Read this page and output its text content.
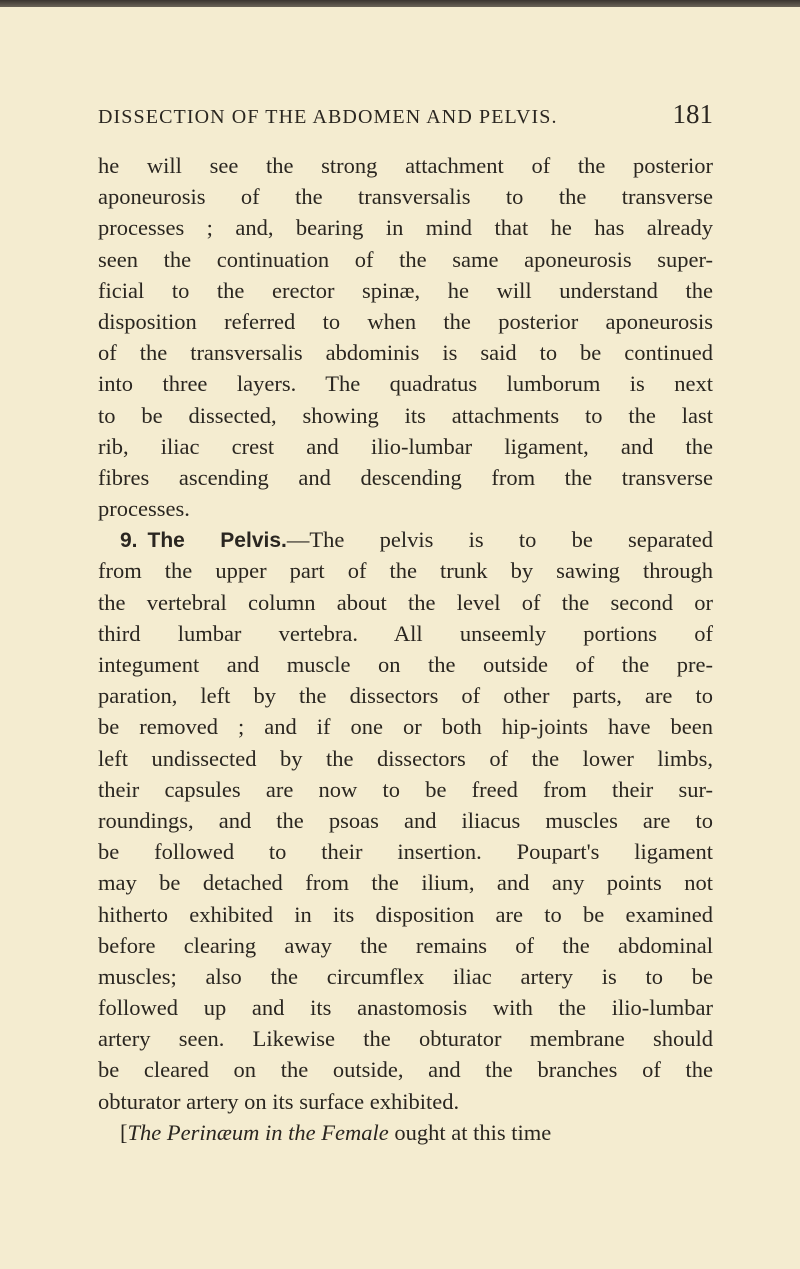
DISSECTION OF THE ABDOMEN AND PELVIS.	181
he will see the strong attachment of the posterior
aponeurosis of the transversalis to the transverse
processes ; and, bearing in mind that he has already
seen the continuation of the same aponeurosis super-
ficial to the erector spinæ, he will understand the
disposition referred to when the posterior aponeurosis
of the transversalis abdominis is said to be continued
into three layers. The quadratus lumborum is next
to be dissected, showing its attachments to the last
rib, iliac crest and ilio-lumbar ligament, and the
fibres ascending and descending from the transverse
processes.
9. The Pelvis.—The pelvis is to be separated
from the upper part of the trunk by sawing through
the vertebral column about the level of the second or
third lumbar vertebra. All unseemly portions of
integument and muscle on the outside of the pre-
paration, left by the dissectors of other parts, are to
be removed ; and if one or both hip-joints have been
left undissected by the dissectors of the lower limbs,
their capsules are now to be freed from their sur-
roundings, and the psoas and iliacus muscles are to
be followed to their insertion. Poupart's ligament
may be detached from the ilium, and any points not
hitherto exhibited in its disposition are to be examined
before clearing away the remains of the abdominal
muscles; also the circumflex iliac artery is to be
followed up and its anastomosis with the ilio-lumbar
artery seen. Likewise the obturator membrane should
be cleared on the outside, and the branches of the
obturator artery on its surface exhibited.
[The Perinæum in the Female ought at this time
